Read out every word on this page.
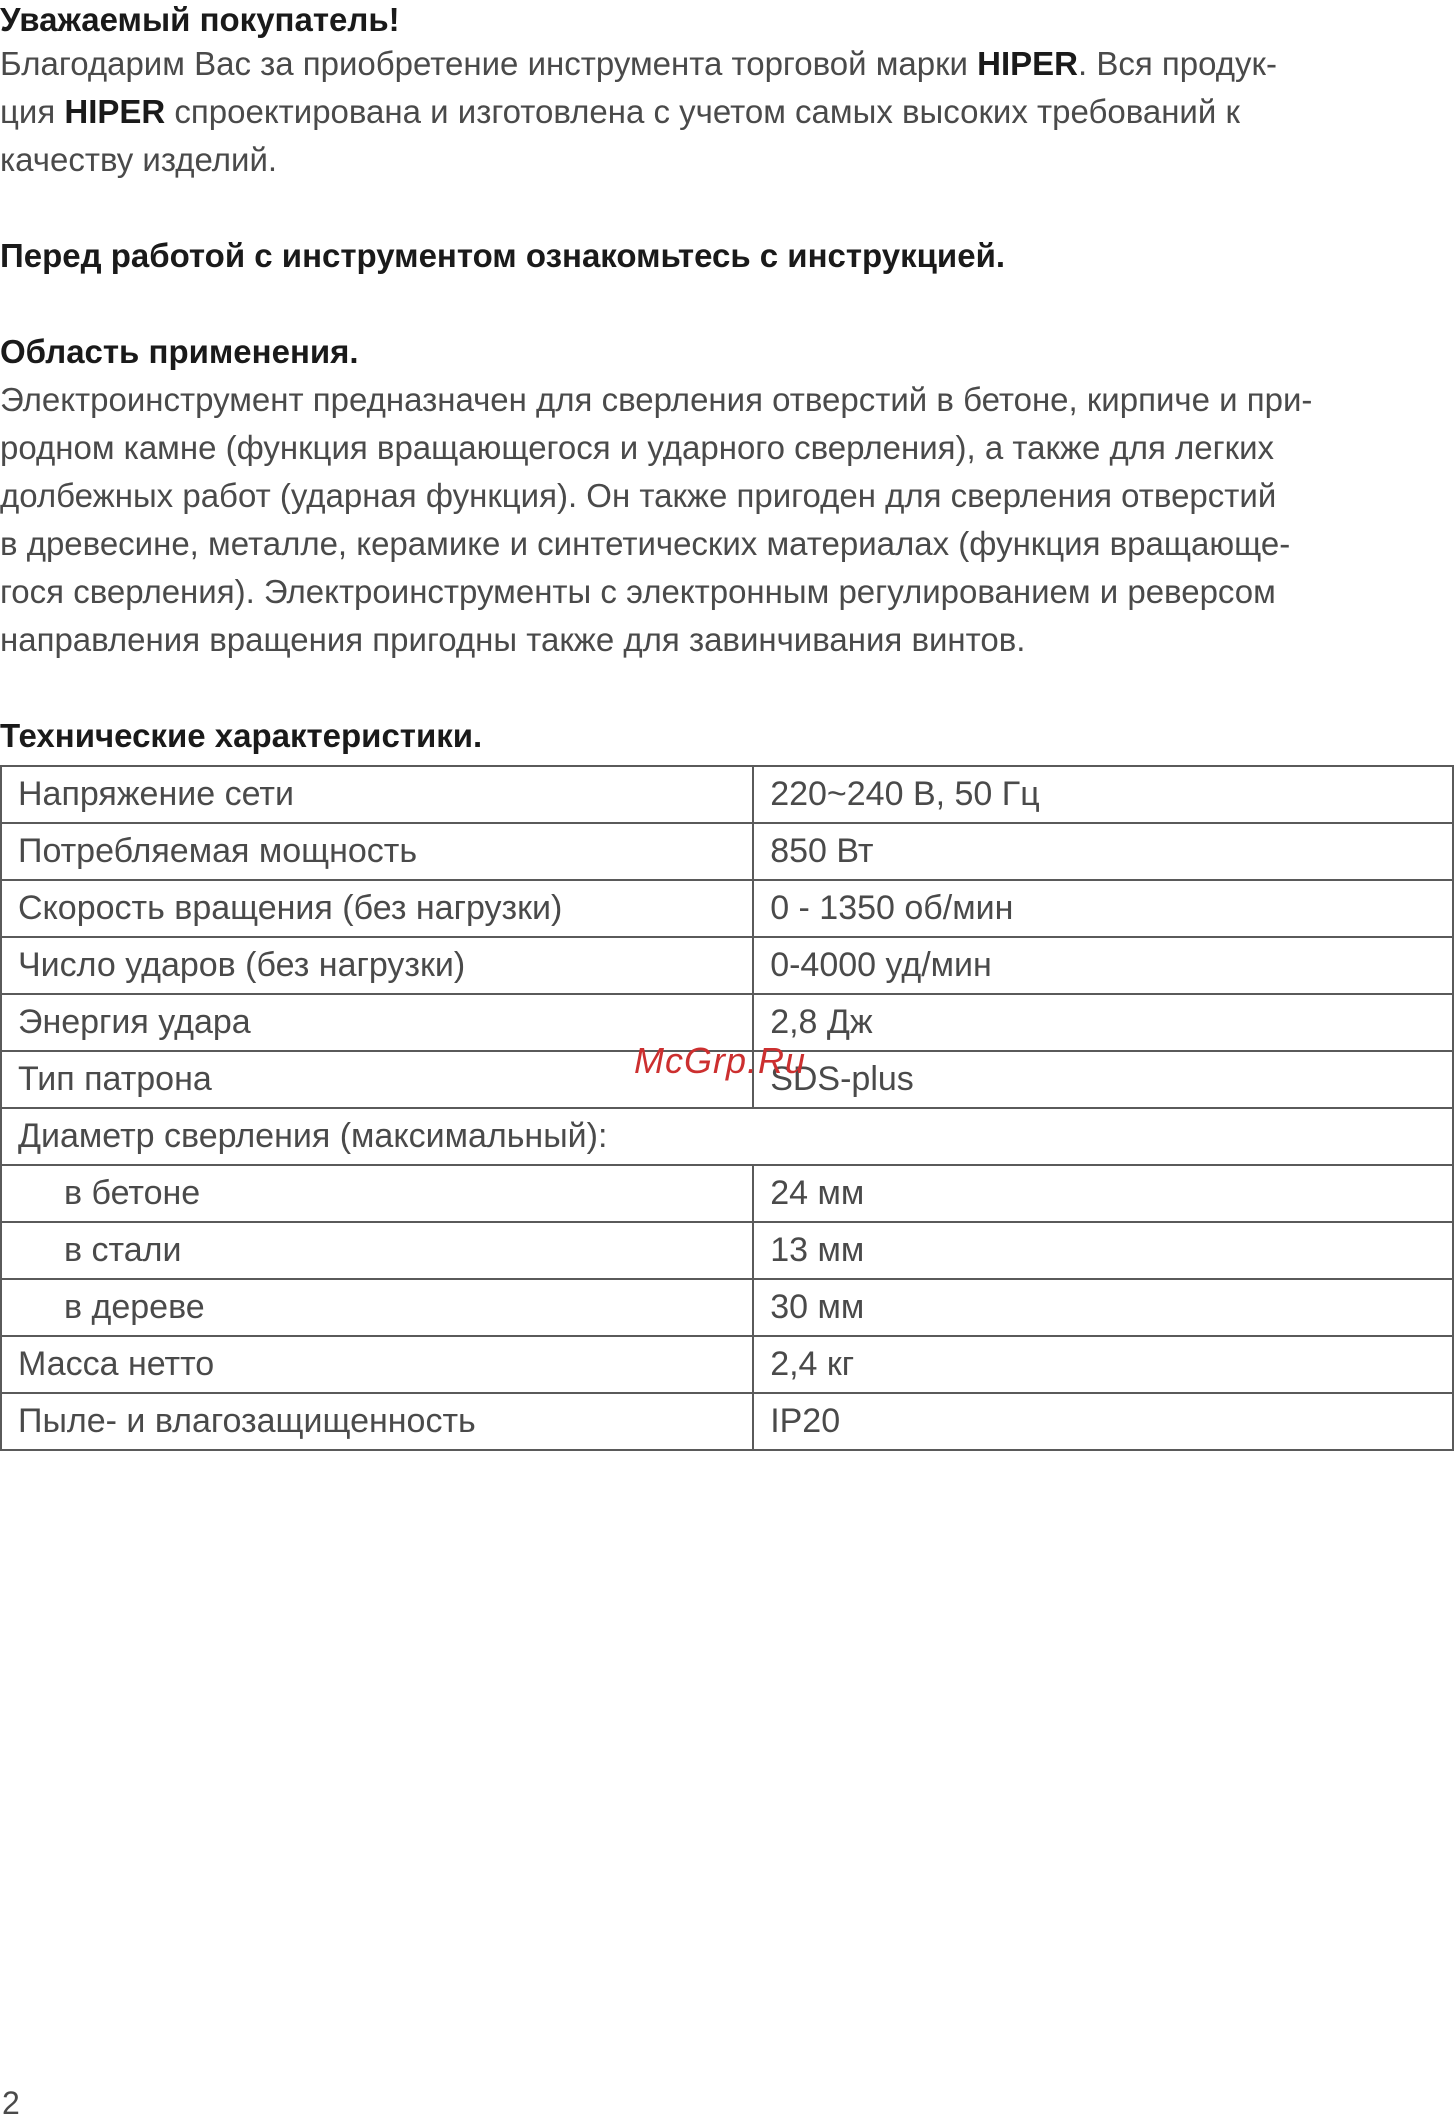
Уважаемый покупатель!

Благодарим Вас за приобретение инструмента торговой марки HIPER. Вся продук-
ция HIPER спроектирована и изготовлена с учетом самых высоких требований к
качеству изделий.

Перед работой с инструментом ознакомьтесь с инструкцией.

Область применения.

Электроинструмент предназначен для сверления отверстий в бетоне, кирпиче и при-
родном камне (функция вращающегося и ударного сверления), а также для легких
долбежных работ (ударная функция). Он также пригоден для сверления отверстий
в древесине, металле, керамике и синтетических материалах (функция вращающе-
гося сверления). Электроинструменты с электронным регулированием и реверсом
направления вращения пригодны также для завинчивания винтов.

Технические характеристики.

Напряжение сети	220~240 В, 50 Гц
Потребляемая мощность	850 Вт
Скорость вращения (без нагрузки)	0 - 1350 об/мин
Число ударов (без нагрузки)	0-4000 уд/мин
Энергия удара	2,8 Дж
Тип патрона	SDS-plus
Диаметр сверления (максимальный):	
в бетоне	24 мм
в стали	13 мм
в дереве	30 мм
Масса нетто	2,4 кг
Пыле- и влагозащищенность	IP20
McGrp.Ru
2
